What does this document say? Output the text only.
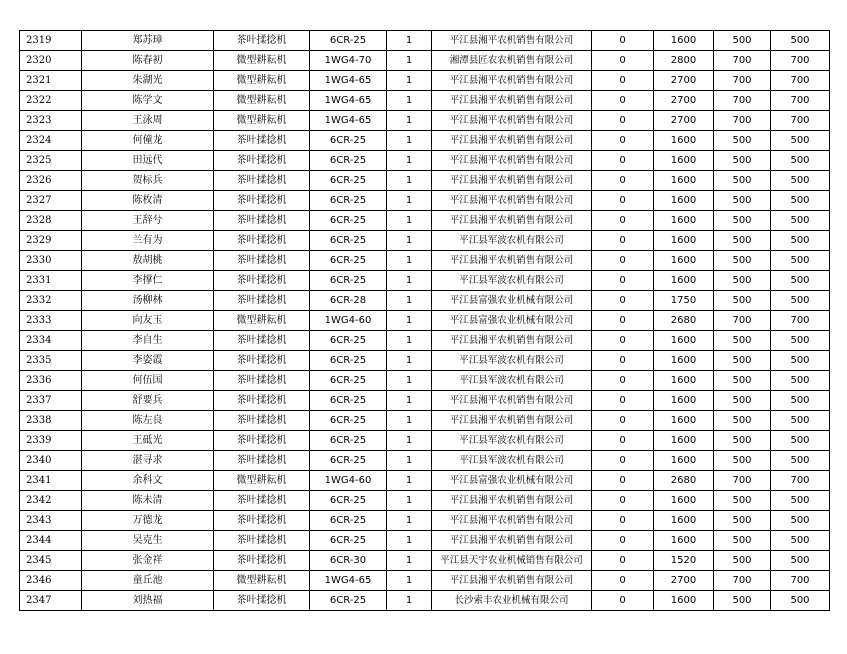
2319	郑苏璋	茶叶揉捻机	6CR-25	1	平江县湘平农机销售有限公司	0	1600	500	500
2320	陈春初	微型耕耘机	1WG4-70	1	湘潭县匠农农机销售有限公司	0	2800	700	700
2321	朱湖光	微型耕耘机	1WG4-65	1	平江县湘平农机销售有限公司	0	2700	700	700
2322	陈学文	微型耕耘机	1WG4-65	1	平江县湘平农机销售有限公司	0	2700	700	700
2323	王泳周	微型耕耘机	1WG4-65	1	平江县湘平农机销售有限公司	0	2700	700	700
2324	何僮龙	茶叶揉捻机	6CR-25	1	平江县湘平农机销售有限公司	0	1600	500	500
2325	田远代	茶叶揉捻机	6CR-25	1	平江县湘平农机销售有限公司	0	1600	500	500
2326	贺标兵	茶叶揉捻机	6CR-25	1	平江县湘平农机销售有限公司	0	1600	500	500
2327	陈枚清	茶叶揉捻机	6CR-25	1	平江县湘平农机销售有限公司	0	1600	500	500
2328	王辞兮	茶叶揉捻机	6CR-25	1	平江县湘平农机销售有限公司	0	1600	500	500
2329	兰有为	茶叶揉捻机	6CR-25	1	平江县军波农机有限公司	0	1600	500	500
2330	敖胡桃	茶叶揉捻机	6CR-25	1	平江县湘平农机销售有限公司	0	1600	500	500
2331	李撑仁	茶叶揉捻机	6CR-25	1	平江县军波农机有限公司	0	1600	500	500
2332	汤柳林	茶叶揉捻机	6CR-28	1	平江县富强农业机械有限公司	0	1750	500	500
2333	向友玉	微型耕耘机	1WG4-60	1	平江县富强农业机械有限公司	0	2680	700	700
2334	李自生	茶叶揉捻机	6CR-25	1	平江县湘平农机销售有限公司	0	1600	500	500
2335	李姿霞	茶叶揉捻机	6CR-25	1	平江县军波农机有限公司	0	1600	500	500
2336	何伍国	茶叶揉捻机	6CR-25	1	平江县军波农机有限公司	0	1600	500	500
2337	舒要兵	茶叶揉捻机	6CR-25	1	平江县湘平农机销售有限公司	0	1600	500	500
2338	陈左良	茶叶揉捻机	6CR-25	1	平江县湘平农机销售有限公司	0	1600	500	500
2339	王砥光	茶叶揉捻机	6CR-25	1	平江县军波农机有限公司	0	1600	500	500
2340	湛寻求	茶叶揉捻机	6CR-25	1	平江县军波农机有限公司	0	1600	500	500
2341	余科文	微型耕耘机	1WG4-60	1	平江县富强农业机械有限公司	0	2680	700	700
2342	陈未清	茶叶揉捻机	6CR-25	1	平江县湘平农机销售有限公司	0	1600	500	500
2343	万德龙	茶叶揉捻机	6CR-25	1	平江县湘平农机销售有限公司	0	1600	500	500
2344	吴克生	茶叶揉捻机	6CR-25	1	平江县湘平农机销售有限公司	0	1600	500	500
2345	张金祥	茶叶揉捻机	6CR-30	1	平江县天宇农业机械销售有限公司	0	1520	500	500
2346	童丘池	微型耕耘机	1WG4-65	1	平江县湘平农机销售有限公司	0	2700	700	700
2347	刘热福	茶叶揉捻机	6CR-25	1	长沙索丰农业机械有限公司	0	1600	500	500
